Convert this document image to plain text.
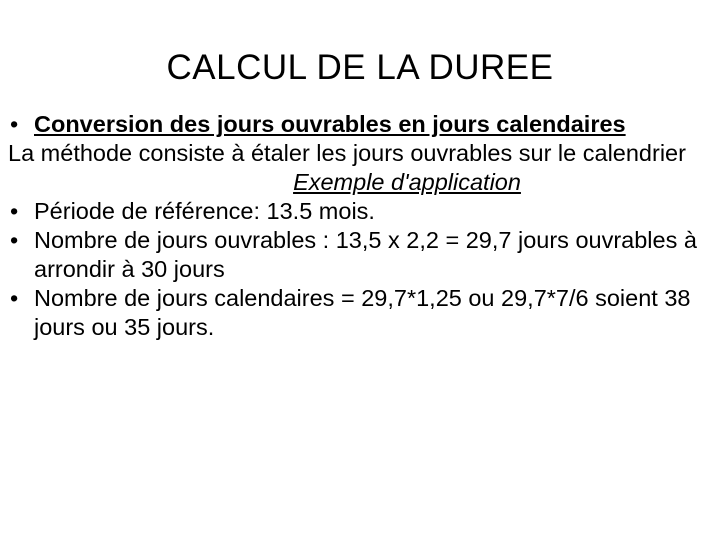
CALCUL DE LA DUREE
• Conversion des jours ouvrables en jours calendaires
La méthode consiste à étaler les jours ouvrables sur le calendrier
Exemple d'application
• Période de référence: 13.5 mois.
• Nombre de jours ouvrables : 13,5 x 2,2 = 29,7 jours ouvrables à arrondir à 30 jours
• Nombre de jours calendaires = 29,7*1,25 ou 29,7*7/6 soient 38 jours ou 35 jours.
